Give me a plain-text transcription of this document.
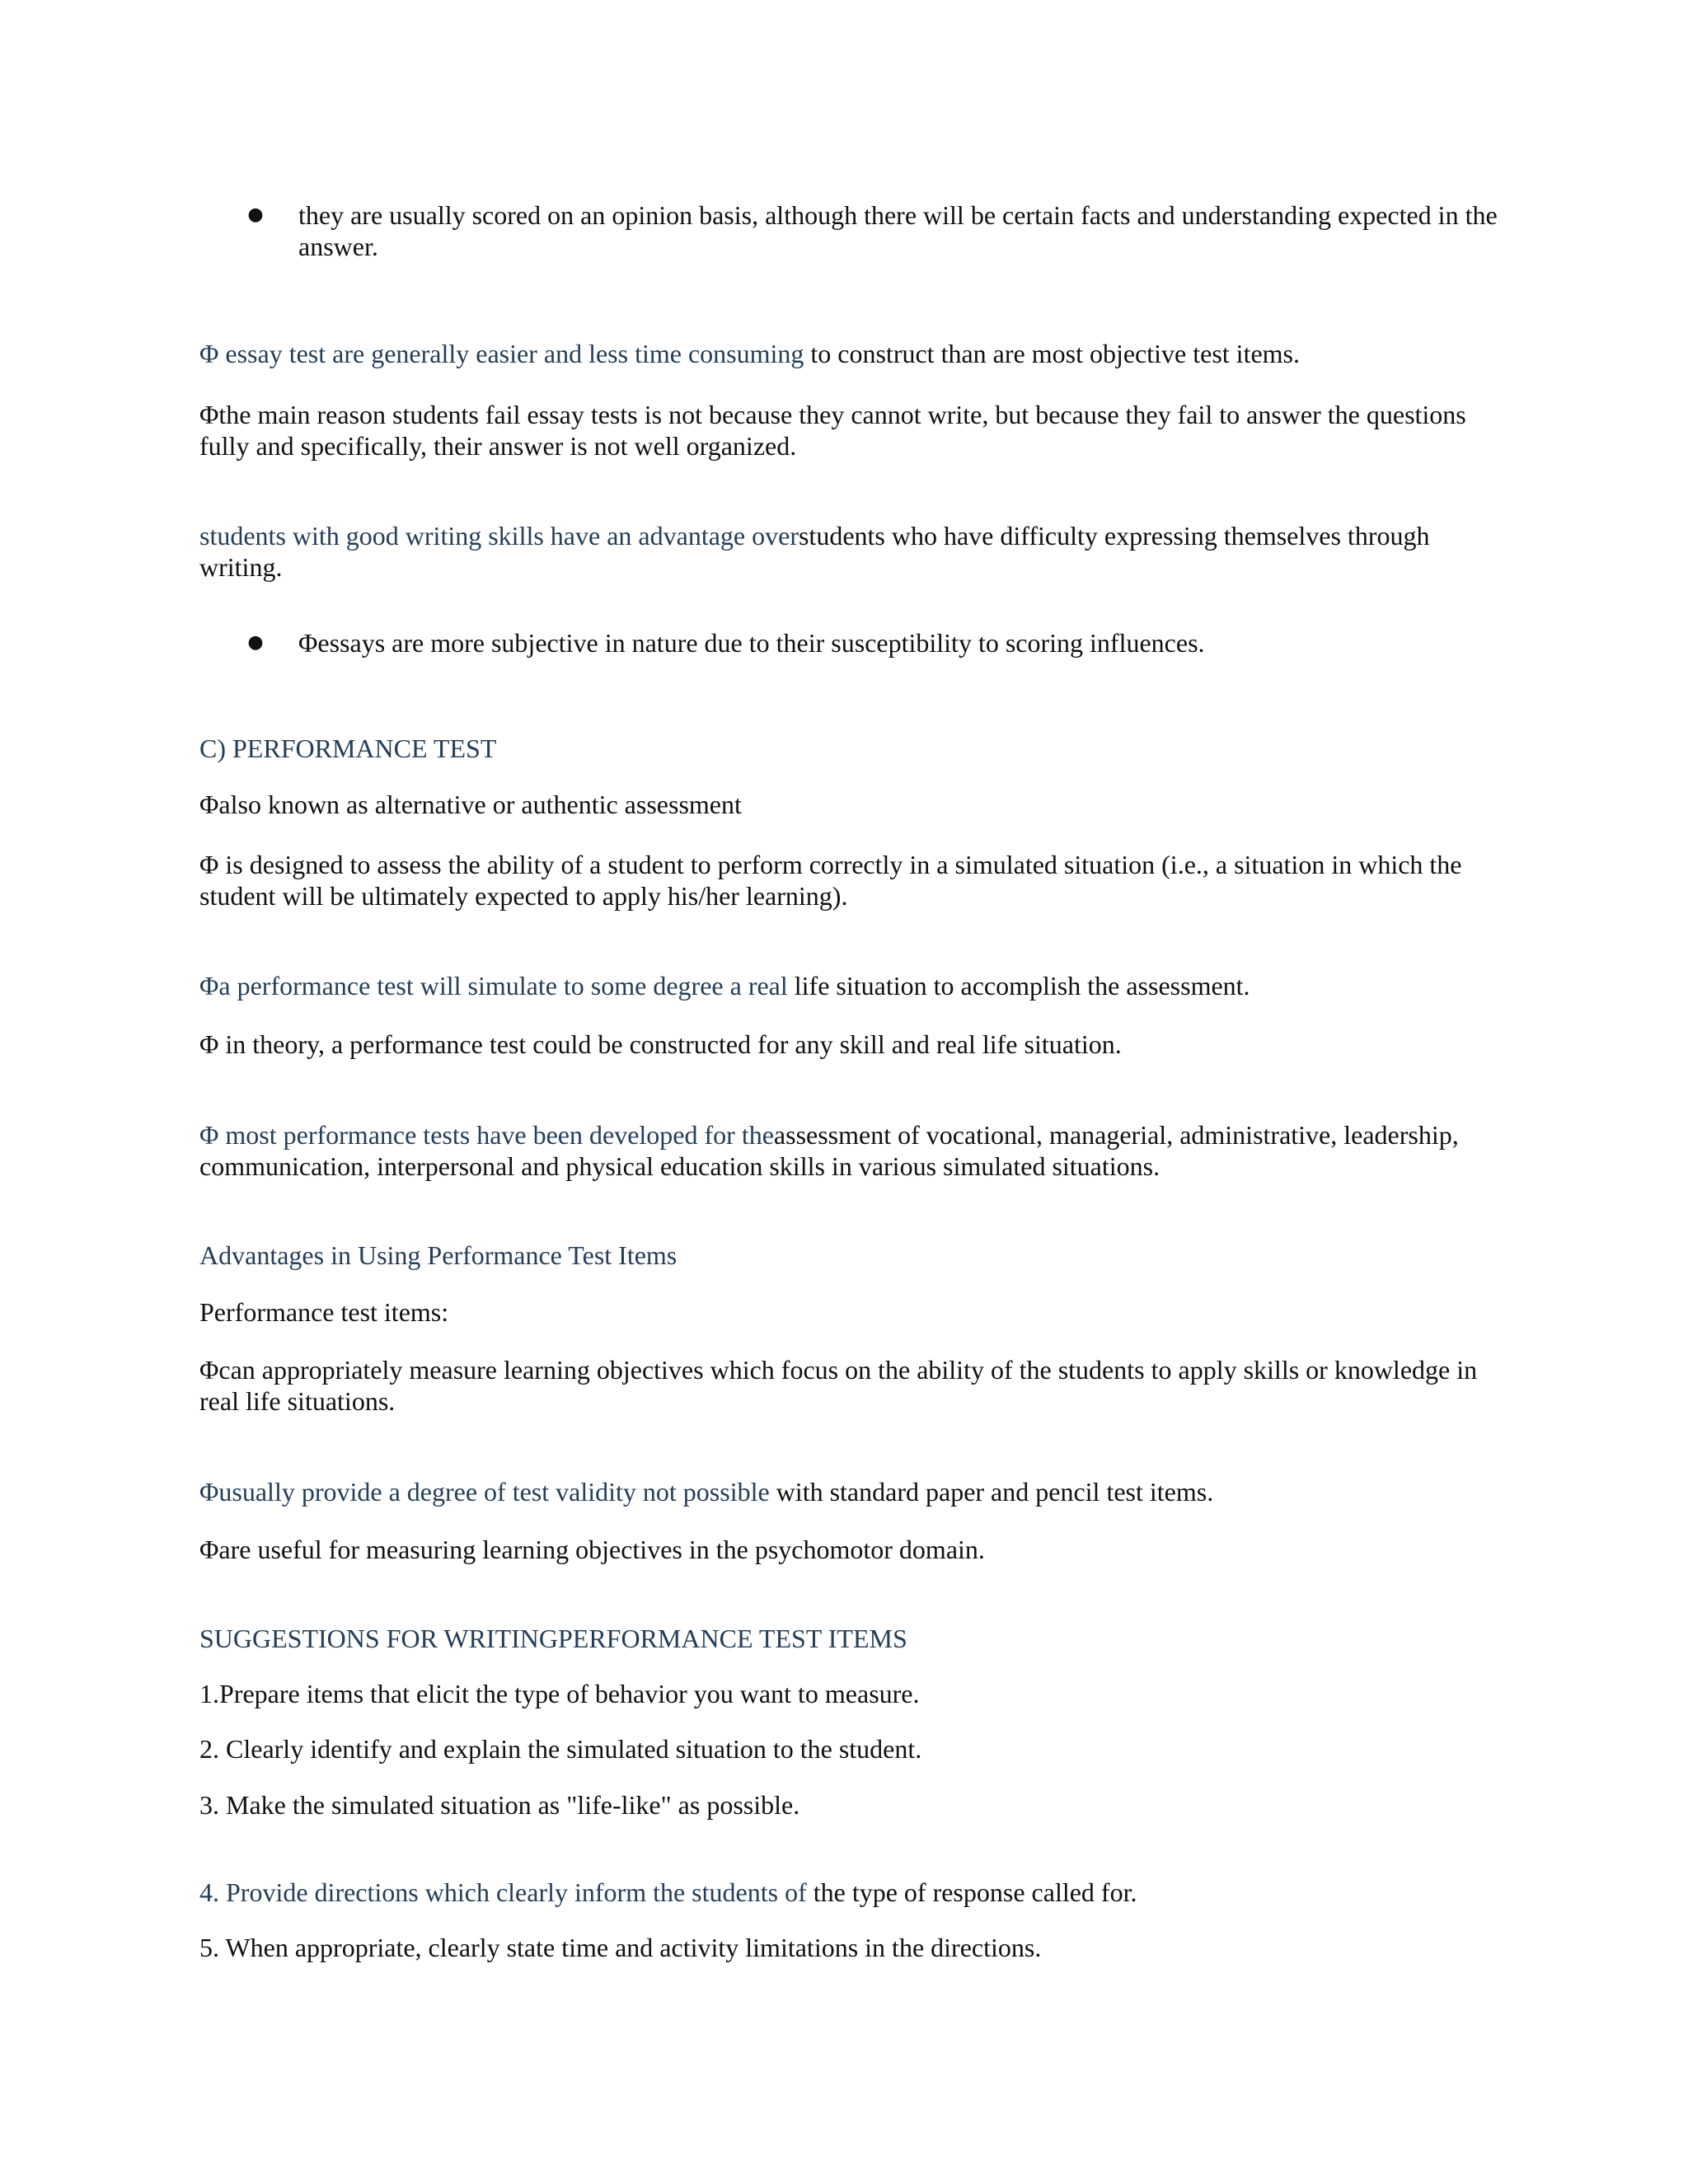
● they are usually scored on an opinion basis, although there will be certain facts and understanding expected in the answer.
Φ essay test are generally easier and less time consuming to construct than are most objective test items.
Φthe main reason students fail essay tests is not because they cannot write, but because they fail to answer the questions fully and specifically, their answer is not well organized.
students with good writing skills have an advantage overstudents who have difficulty expressing themselves through writing.
● Φessays are more subjective in nature due to their susceptibility to scoring influences.
C) PERFORMANCE TEST
Φalso known as alternative or authentic assessment
Φ is designed to assess the ability of a student to perform correctly in a simulated situation (i.e., a situation in which the student will be ultimately expected to apply his/her learning).
Φa performance test will simulate to some degree a real life situation to accomplish the assessment.
Φ in theory, a performance test could be constructed for any skill and real life situation.
Φ most performance tests have been developed for theassessment of vocational, managerial, administrative, leadership, communication, interpersonal and physical education skills in various simulated situations.
Advantages in Using Performance Test Items
Performance test items:
Φcan appropriately measure learning objectives which focus on the ability of the students to apply skills or knowledge in real life situations.
Φusually provide a degree of test validity not possible with standard paper and pencil test items.
Φare useful for measuring learning objectives in the psychomotor domain.
SUGGESTIONS FOR WRITINGPERFORMANCE TEST ITEMS
1.Prepare items that elicit the type of behavior you want to measure.
2. Clearly identify and explain the simulated situation to the student.
3. Make the simulated situation as "life-like" as possible.
4. Provide directions which clearly inform the students of the type of response called for.
5. When appropriate, clearly state time and activity limitations in the directions.
